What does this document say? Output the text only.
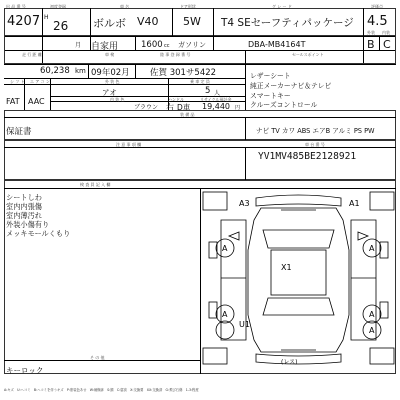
出 品 番 号
4207
初度登録
H
26
月
車 名
ボルボ V40
ドア形状
5W
グ レ ー ド
T4 SEセーフティパッケージ
評価点
4.5
自家用	1600 cc ガソリン	DBA-MB4164T
外装 内装
B C
走 行 距 離
60,238 km
車 検
09年02月
陸 事 登 録 番 号
佐賀 301サ5422
セールスポイント
シ フ ト エ ア コ ン	外 装 色	乗 車 定 員
FAT AAC
アオ	5 人
内 装 色	ハンドル	リサイクル預託金
ブラウン 右 D車 19,440 円
レザーシート
純正メーカーナビ＆テレビ
スマートキー
クルーズコントロール
装 備 品
保証書	ナビ TV カワ ABS エアB アルミ PS PW
注 意 事 項 欄	車 台 番 号
YV1MV485BE2128921
検 査 員 記 入 欄
シートしわ
室内内張傷
室内薄汚れ
外装小傷有り
メッキモールくもり
そ の 他
キーロック
A3	A1
A
X1
A
A
U1
A
A
(レス)
A:キズ　U:ヘコミ　B:ヘコミを伴うキズ　P:塗装色あせ　W:補修跡　S:錆　C:腐食　X:交換要　XX:交換済　G:飛び石傷　1-3:程度
